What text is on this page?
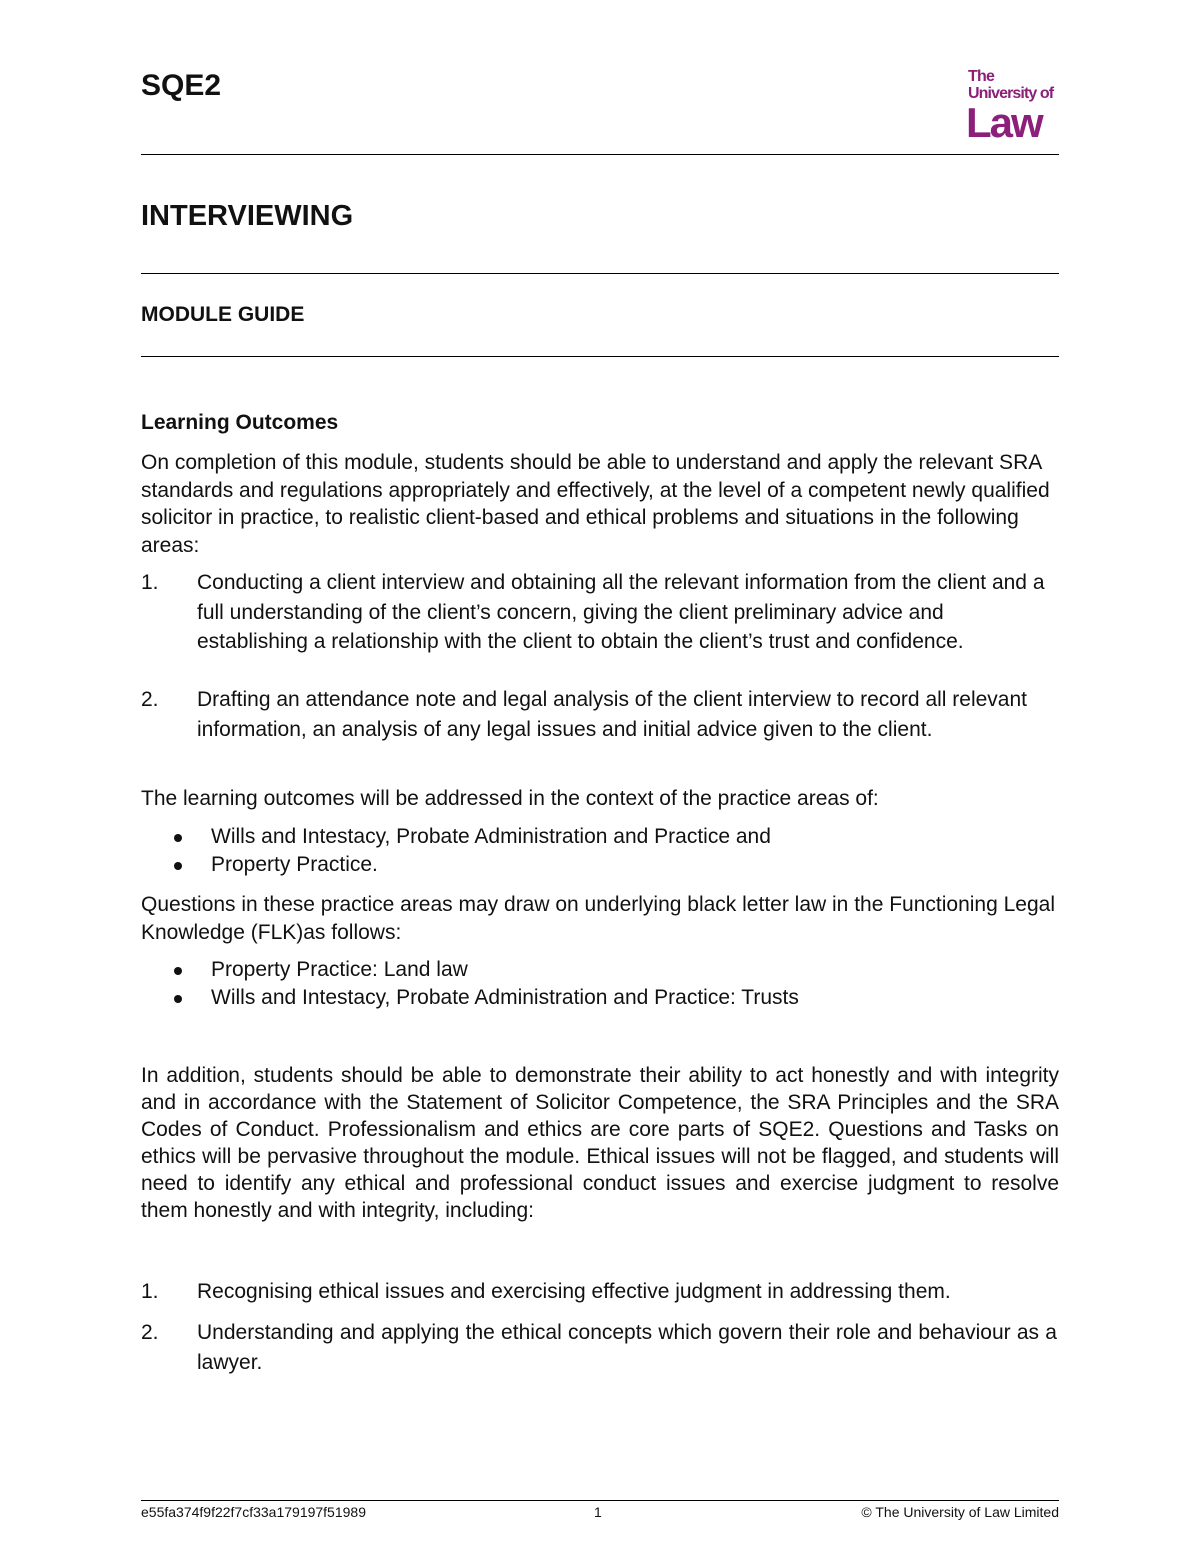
SQE2	The
University of
Law
INTERVIEWING
MODULE GUIDE
Learning Outcomes
On completion of this module, students should be able to understand and apply the relevant SRA standards and regulations appropriately and effectively, at the level of a competent newly qualified solicitor in practice, to realistic client-based and ethical problems and situations in the following areas:
1. Conducting a client interview and obtaining all the relevant information from the client and a full understanding of the client’s concern, giving the client preliminary advice and establishing a relationship with the client to obtain the client’s trust and confidence.
2. Drafting an attendance note and legal analysis of the client interview to record all relevant information, an analysis of any legal issues and initial advice given to the client.
The learning outcomes will be addressed in the context of the practice areas of:
Wills and Intestacy, Probate Administration and Practice and
Property Practice.
Questions in these practice areas may draw on underlying black letter law in the Functioning Legal Knowledge (FLK)as follows:
Property Practice: Land law
Wills and Intestacy, Probate Administration and Practice: Trusts
In addition, students should be able to demonstrate their ability to act honestly and with integrity and in accordance with the Statement of Solicitor Competence, the SRA Principles and the SRA Codes of Conduct. Professionalism and ethics are core parts of SQE2. Questions and Tasks on ethics will be pervasive throughout the module. Ethical issues will not be flagged, and students will need to identify any ethical and professional conduct issues and exercise judgment to resolve them honestly and with integrity, including:
1. Recognising ethical issues and exercising effective judgment in addressing them.
2. Understanding and applying the ethical concepts which govern their role and behaviour as a lawyer.
e55fa374f9f22f7cf33a179197f51989	1	© The University of Law Limited
